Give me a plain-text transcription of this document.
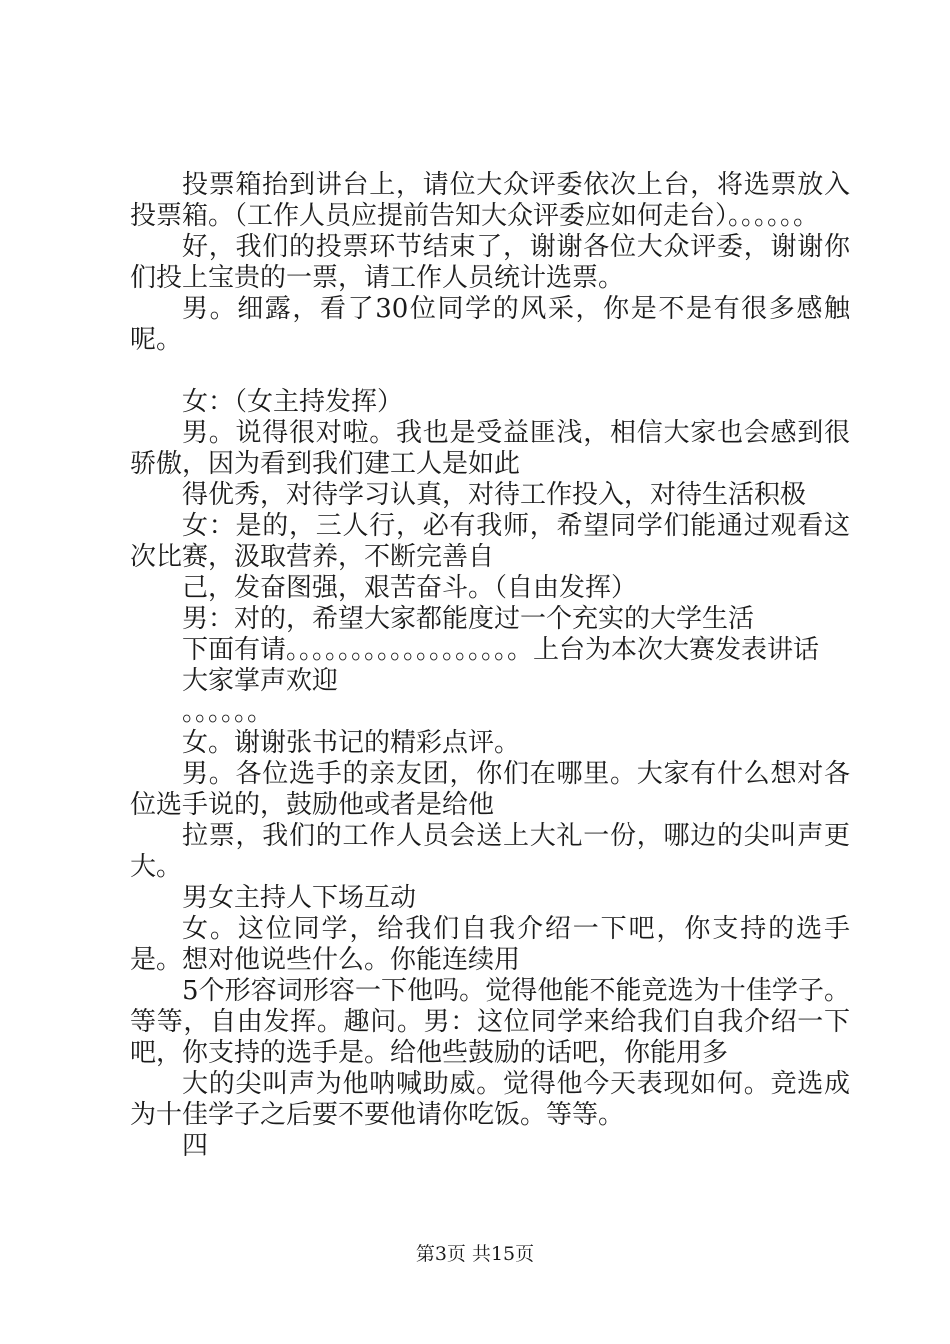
投票箱抬到讲台上，请位大众评委依次上台，将选票放入投票箱。（工作人员应提前告知大众评委应如何走台）。。。。。。

好，我们的投票环节结束了，谢谢各位大众评委，谢谢你们投上宝贵的一票，请工作人员统计选票。

男。细露，看了30位同学的风采，你是不是有很多感触呢。

女：（女主持发挥）

男。说得很对啦。我也是受益匪浅，相信大家也会感到很骄傲，因为看到我们建工人是如此

得优秀，对待学习认真，对待工作投入，对待生活积极

女：是的，三人行，必有我师，希望同学们能通过观看这次比赛，汲取营养，不断完善自

己，发奋图强，艰苦奋斗。（自由发挥）

男：对的，希望大家都能度过一个充实的大学生活

下面有请。。。。。。。。。。。。。。。。。。上台为本次大赛发表讲话

大家掌声欢迎

。。。。。。

女。谢谢张书记的精彩点评。

男。各位选手的亲友团，你们在哪里。大家有什么想对各位选手说的，鼓励他或者是给他

拉票，我们的工作人员会送上大礼一份，哪边的尖叫声更大。

男女主持人下场互动

女。这位同学，给我们自我介绍一下吧，你支持的选手是。想对他说些什么。你能连续用

5个形容词形容一下他吗。觉得他能不能竞选为十佳学子。等等，自由发挥。趣问。男：这位同学来给我们自我介绍一下吧，你支持的选手是。给他些鼓励的话吧，你能用多

大的尖叫声为他呐喊助威。觉得他今天表现如何。竞选成为十佳学子之后要不要他请你吃饭。等等。

四

第3页 共15页
